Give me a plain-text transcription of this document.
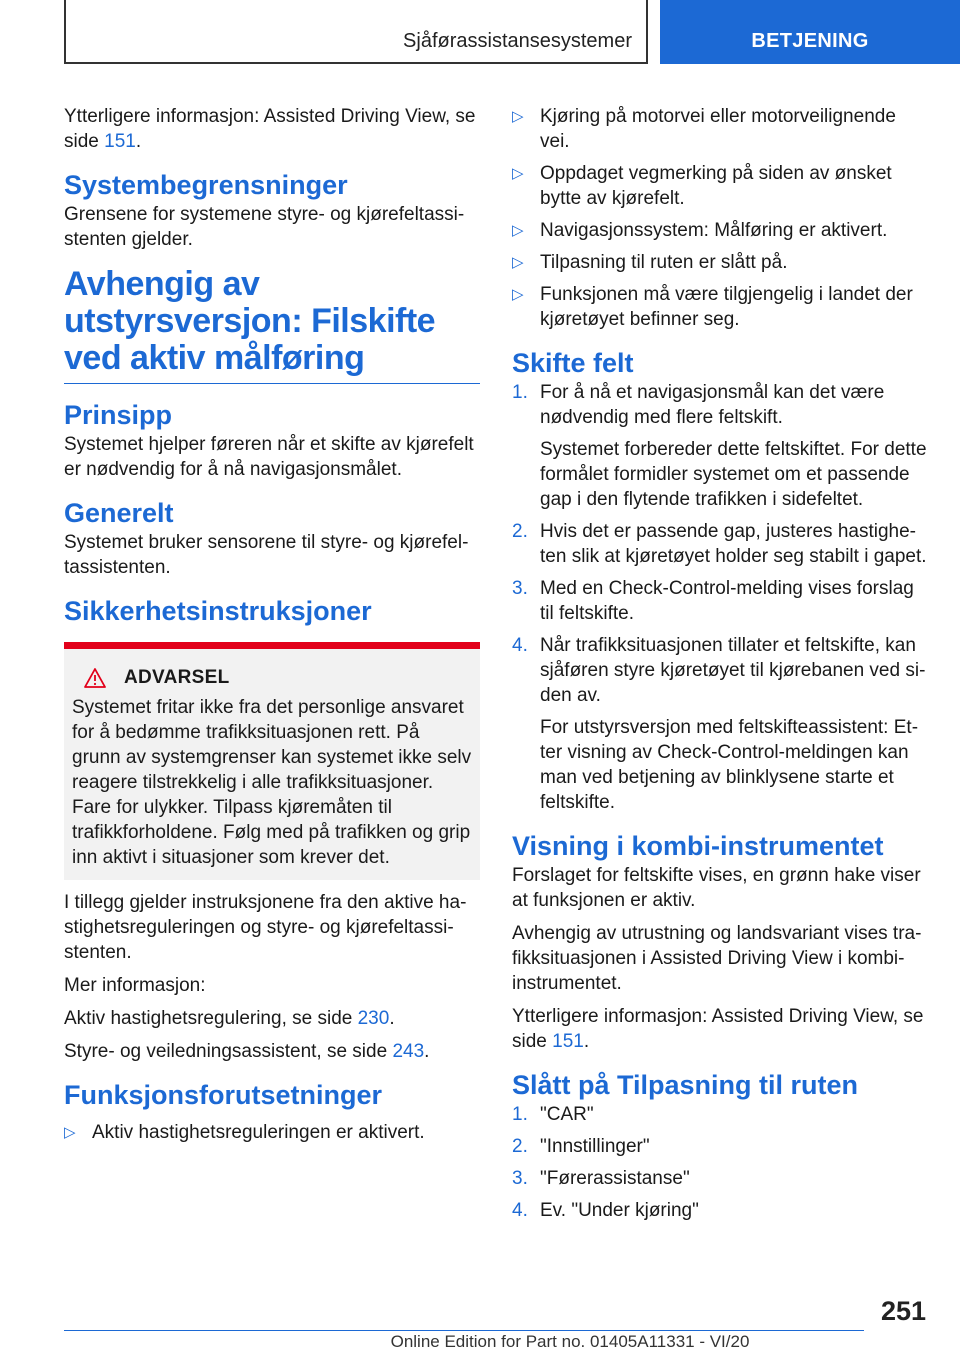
Sjåførassistansesystemer	BETJENING

Ytterligere informasjon: Assisted Driving View, se side 151.

Systembegrensninger

Grensene for systemene styre- og kjørefeltassistenten gjelder.

Avhengig av utstyrsversjon: Filskifte ved aktiv målføring
Prinsipp

Systemet hjelper føreren når et skifte av kjørefelt er nødvendig for å nå navigasjonsmålet.

Generelt

Systemet bruker sensorene til styre- og kjørefeltassistenten.

Sikkerhetsinstruksjoner
ADVARSEL

Systemet fritar ikke fra det personlige ansvaret for å bedømme trafikksituasjonen rett. På grunn av systemgrenser kan systemet ikke selv reagere tilstrekkelig i alle trafikksituasjoner. Fare for ulykker. Tilpass kjøremåten til trafikkforholdene. Følg med på trafikken og grip inn aktivt i situasjoner som krever det.

I tillegg gjelder instruksjonene fra den aktive hastighetsreguleringen og styre- og kjørefeltassistenten.

Mer informasjon:

Aktiv hastighetsregulering, se side 230.

Styre- og veiledningsassistent, se side 243.

Funksjonsforutsetninger
▷ Aktiv hastighetsreguleringen er aktivert.
▷ Kjøring på motorvei eller motorveilignende vei.
▷ Oppdaget vegmerking på siden av ønsket bytte av kjørefelt.
▷ Navigasjonssystem: Målføring er aktivert.
▷ Tilpasning til ruten er slått på.
▷ Funksjonen må være tilgjengelig i landet der kjøretøyet befinner seg.
Skifte felt
1. For å nå et navigasjonsmål kan det være nødvendig med flere feltskift.
Systemet forbereder dette feltskiftet. For dette formålet formidler systemet om et passende gap i den flytende trafikken i sidefeltet.
2. Hvis det er passende gap, justeres hastigheten slik at kjøretøyet holder seg stabilt i gapet.
3. Med en Check-Control-melding vises forslag til feltskifte.
4. Når trafikksituasjonen tillater et feltskifte, kan sjåføren styre kjøretøyet til kjørebanen ved siden av.
For utstyrsversjon med feltskifteassistent: Etter visning av Check-Control-meldingen kan man ved betjening av blinklysene starte et feltskifte.
Visning i kombi-instrumentet

Forslaget for feltskifte vises, en grønn hake viser at funksjonen er aktiv.

Avhengig av utrustning og landsvariant vises trafikksituasjonen i Assisted Driving View i kombiinstrumentet.

Ytterligere informasjon: Assisted Driving View, se side 151.

Slått på Tilpasning til ruten
1. "CAR"
2. "Innstillinger"
3. "Førerassistanse"
4. Ev. "Under kjøring"
251
Online Edition for Part no. 01405A11331 - VI/20
